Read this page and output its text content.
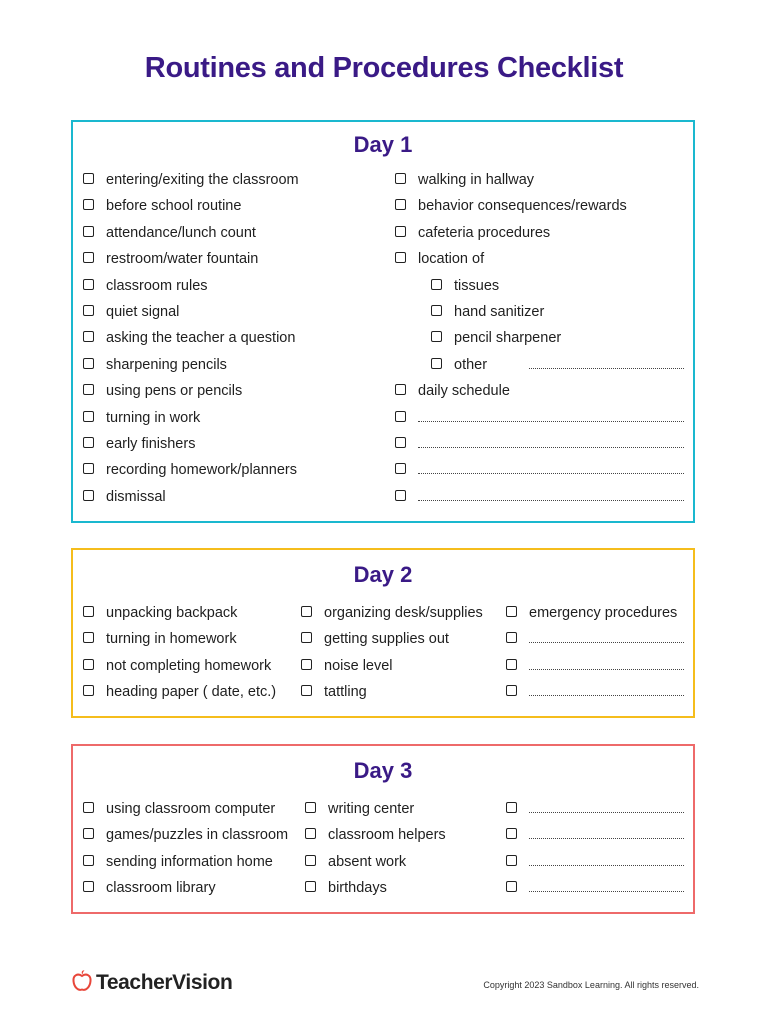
Routines and Procedures Checklist
Day 1
entering/exiting the classroom
before school routine
attendance/lunch count
restroom/water fountain
classroom rules
quiet signal
asking the teacher a question
sharpening pencils
using pens or pencils
turning in work
early finishers
recording homework/planners
dismissal
walking in hallway
behavior consequences/rewards
cafeteria procedures
location of
tissues
hand sanitizer
pencil sharpener
other
daily schedule
Day 2
unpacking backpack
turning in homework
not completing homework
heading paper ( date, etc.)
organizing desk/supplies
getting supplies out
noise level
tattling
emergency procedures
Day 3
using classroom computer
games/puzzles in classroom
sending information home
classroom library
writing center
classroom helpers
absent work
birthdays
TeacherVision	Copyright 2023 Sandbox Learning. All rights reserved.
